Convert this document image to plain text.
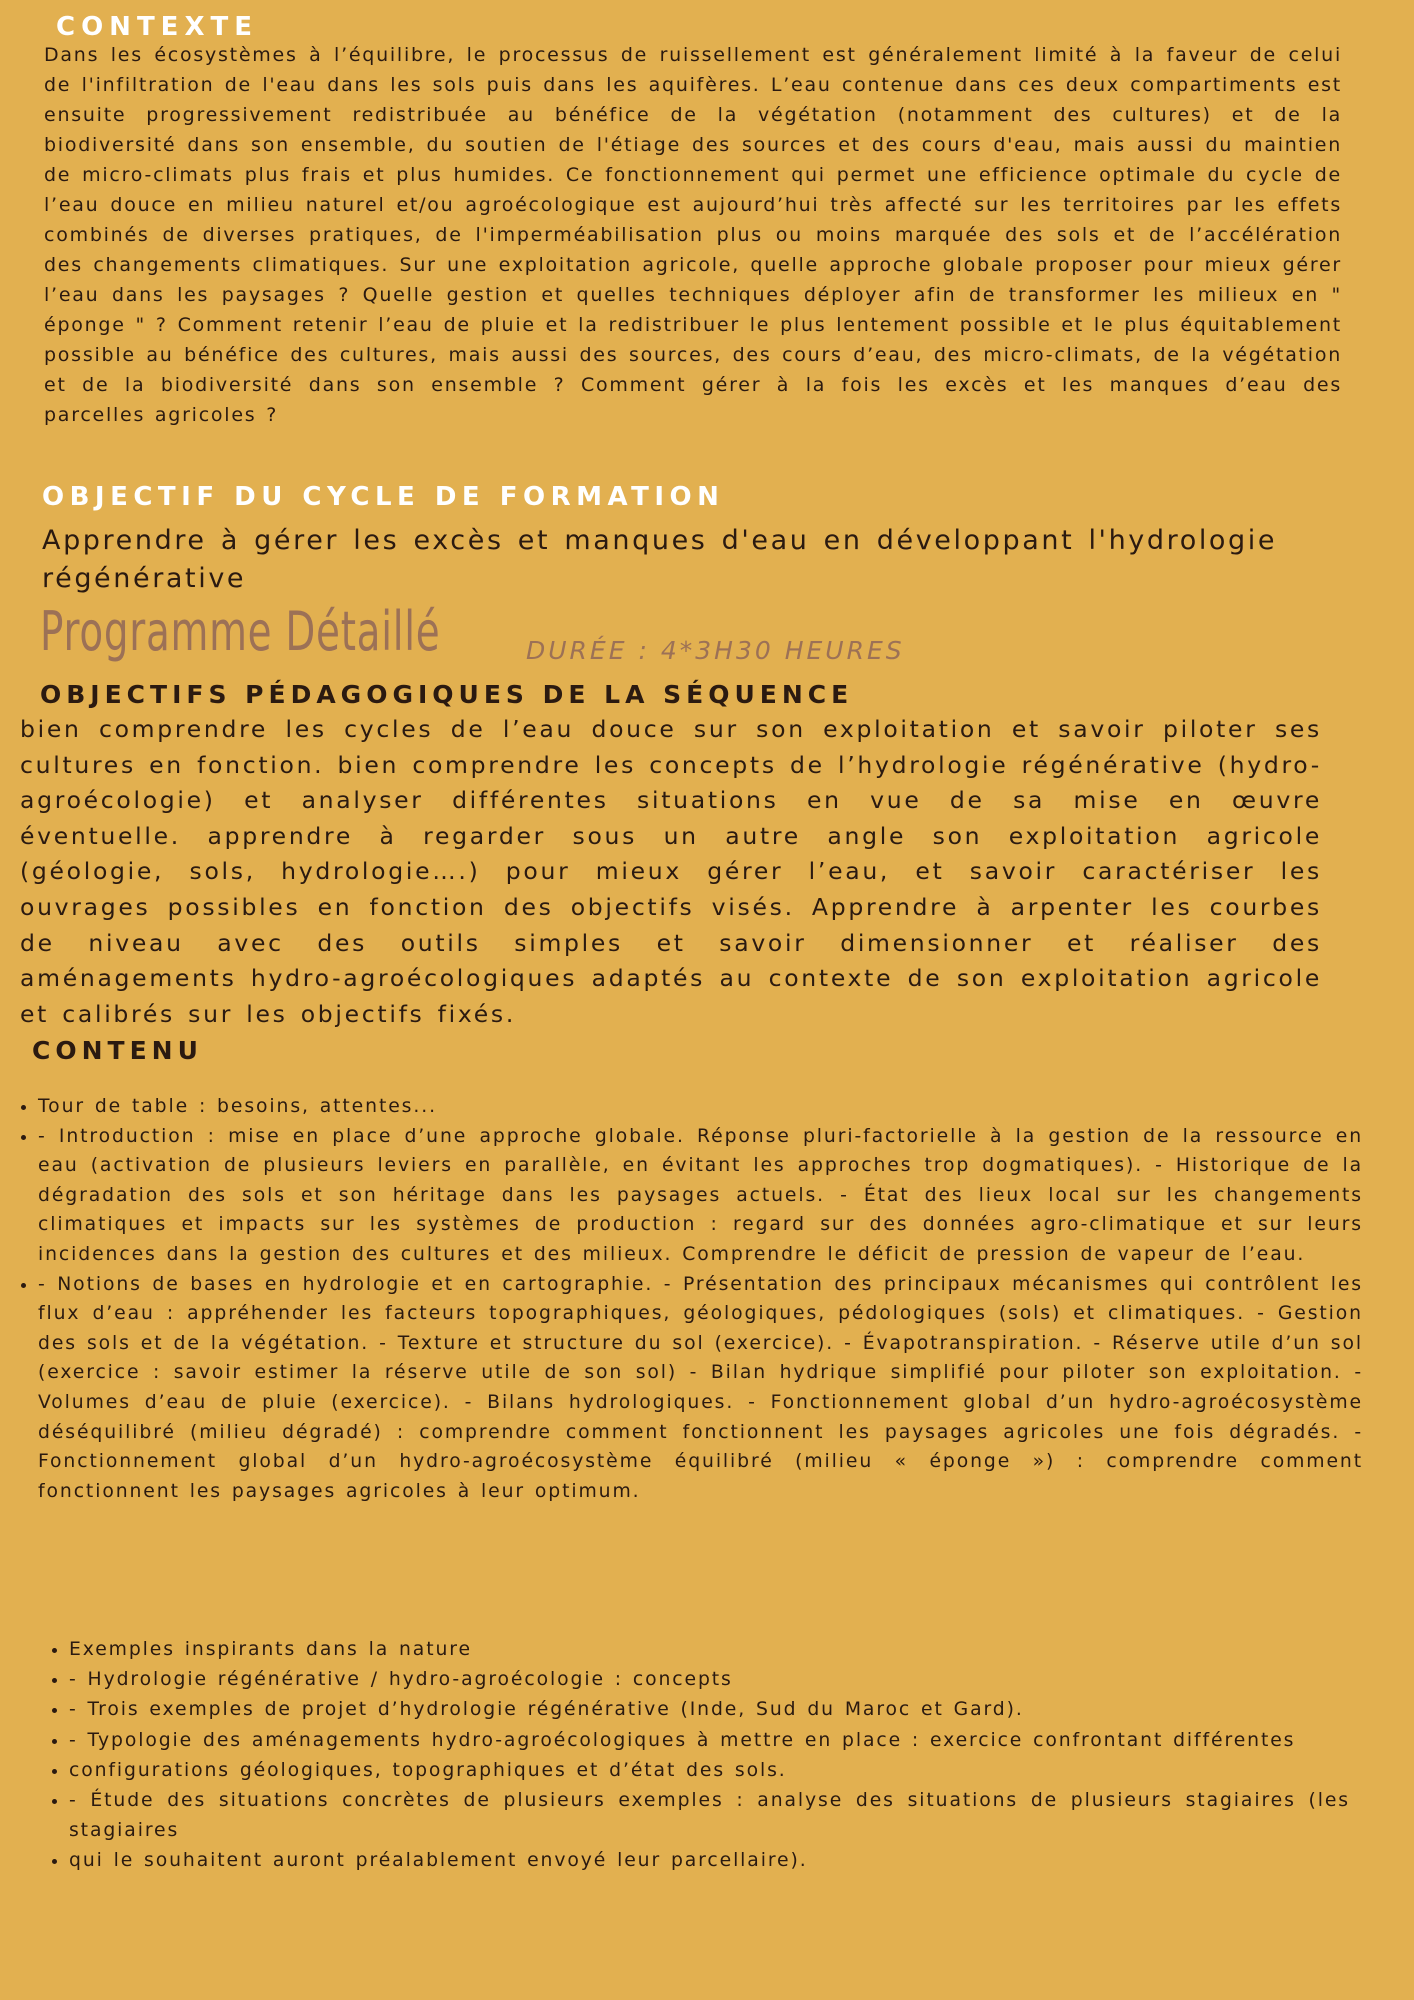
CONTEXTE

Dans les écosystèmes à l’équilibre, le processus de ruissellement est généralement limité à la faveur de celui de l'infiltration de l'eau dans les sols puis dans les aquifères. L’eau contenue dans ces deux compartiments est ensuite progressivement redistribuée au bénéfice de la végétation (notamment des cultures) et de la biodiversité dans son ensemble, du soutien de l'étiage des sources et des cours d'eau, mais aussi du maintien de micro-climats plus frais et plus humides. Ce fonctionnement qui permet une efficience optimale du cycle de l’eau douce en milieu naturel et/ou agroécologique est aujourd’hui très affecté sur les territoires par les effets combinés de diverses pratiques, de l'imperméabilisation plus ou moins marquée des sols et de l’accélération des changements climatiques. Sur une exploitation agricole, quelle approche globale proposer pour mieux gérer l’eau dans les paysages ? Quelle gestion et quelles techniques déployer afin de transformer les milieux en " éponge " ? Comment retenir l’eau de pluie et la redistribuer le plus lentement possible et le plus équitablement possible au bénéfice des cultures, mais aussi des sources, des cours d’eau, des micro-climats, de la végétation et de la biodiversité dans son ensemble ? Comment gérer à la fois les excès et les manques d’eau des parcelles agricoles ?

OBJECTIF DU CYCLE DE FORMATION

Apprendre à gérer les excès et manques d'eau en développant l'hydrologie régénérative

Programme Détaillé	DURÉE : 4*3H30 HEURES

OBJECTIFS PÉDAGOGIQUES DE LA SÉQUENCE

bien comprendre les cycles de l’eau douce sur son exploitation et savoir piloter ses cultures en fonction. bien comprendre les concepts de l’hydrologie régénérative (hydro-agroécologie) et analyser différentes situations en vue de sa mise en œuvre éventuelle. apprendre à regarder sous un autre angle son exploitation agricole (géologie, sols, hydrologie….) pour mieux gérer l’eau, et savoir caractériser les ouvrages possibles en fonction des objectifs visés. Apprendre à arpenter les courbes de niveau avec des outils simples et savoir dimensionner et réaliser des aménagements hydro-agroécologiques adaptés au contexte de son exploitation agricole et calibrés sur les objectifs fixés.

CONTENU
• Tour de table : besoins, attentes...
• - Introduction : mise en place d’une approche globale. Réponse pluri-factorielle à la gestion de la ressource en eau (activation de plusieurs leviers en parallèle, en évitant les approches trop dogmatiques). - Historique de la dégradation des sols et son héritage dans les paysages actuels. - État des lieux local sur les changements climatiques et impacts sur les systèmes de production : regard sur des données agro-climatique et sur leurs incidences dans la gestion des cultures et des milieux. Comprendre le déficit de pression de vapeur de l’eau.
• - Notions de bases en hydrologie et en cartographie. - Présentation des principaux mécanismes qui contrôlent les flux d’eau : appréhender les facteurs topographiques, géologiques, pédologiques (sols) et climatiques. - Gestion des sols et de la végétation. - Texture et structure du sol (exercice). - Évapotranspiration. - Réserve utile d’un sol (exercice : savoir estimer la réserve utile de son sol) - Bilan hydrique simplifié pour piloter son exploitation. - Volumes d’eau de pluie (exercice). - Bilans hydrologiques. - Fonctionnement global d’un hydro-agroécosystème déséquilibré (milieu dégradé) : comprendre comment fonctionnent les paysages agricoles une fois dégradés. - Fonctionnement global d’un hydro-agroécosystème équilibré (milieu « éponge ») : comprendre comment fonctionnent les paysages agricoles à leur optimum.
• Exemples inspirants dans la nature
• - Hydrologie régénérative / hydro-agroécologie : concepts
• - Trois exemples de projet d’hydrologie régénérative (Inde, Sud du Maroc et Gard).
• - Typologie des aménagements hydro-agroécologiques à mettre en place : exercice confrontant différentes
• configurations géologiques, topographiques et d’état des sols.
• - Étude des situations concrètes de plusieurs exemples : analyse des situations de plusieurs stagiaires (les stagiaires
• qui le souhaitent auront préalablement envoyé leur parcellaire).
